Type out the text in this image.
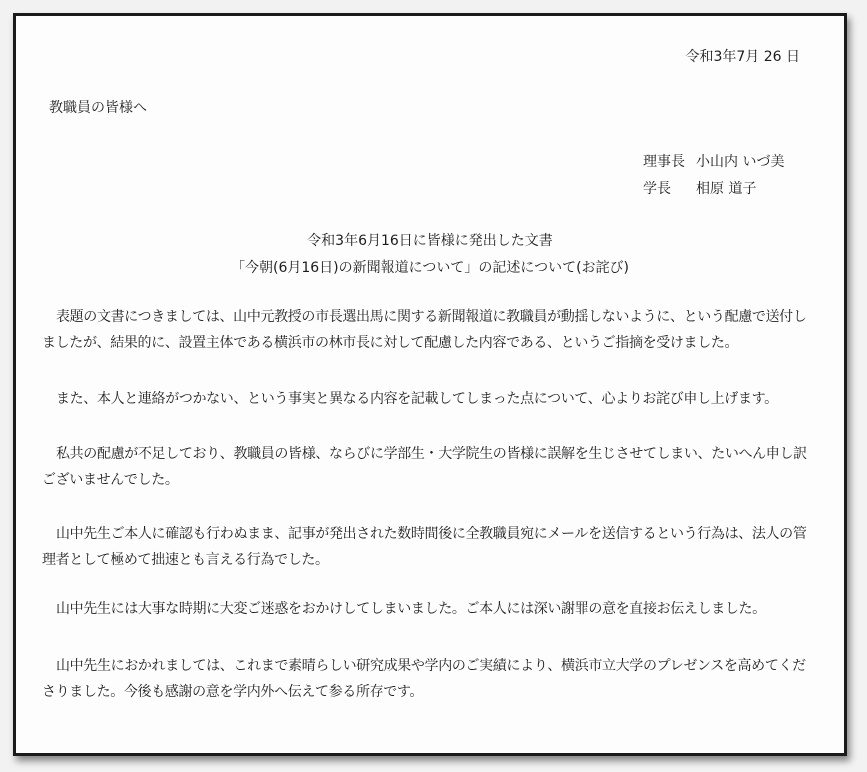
令和3年7月 26 日
教職員の皆様へ
理事長 小山内 いづ美
学長 相原 道子
令和3年6月16日に皆様に発出した文書
「今朝(6月16日)の新聞報道について」の記述について(お詫び)
表題の文書につきましては、山中元教授の市長選出馬に関する新聞報道に教職員が動揺しないように、という配慮で送付しましたが、結果的に、設置主体である横浜市の林市長に対して配慮した内容である、というご指摘を受けました。
また、本人と連絡がつかない、という事実と異なる内容を記載してしまった点について、心よりお詫び申し上げます。
私共の配慮が不足しており、教職員の皆様、ならびに学部生・大学院生の皆様に誤解を生じさせてしまい、たいへん申し訳ございませんでした。
山中先生ご本人に確認も行わぬまま、記事が発出された数時間後に全教職員宛にメールを送信するという行為は、法人の管理者として極めて拙速とも言える行為でした。
山中先生には大事な時期に大変ご迷惑をおかけしてしまいました。ご本人には深い謝罪の意を直接お伝えしました。
山中先生におかれましては、これまで素晴らしい研究成果や学内のご実績により、横浜市立大学のプレゼンスを高めてくださりました。今後も感謝の意を学内外へ伝えて参る所存です。
